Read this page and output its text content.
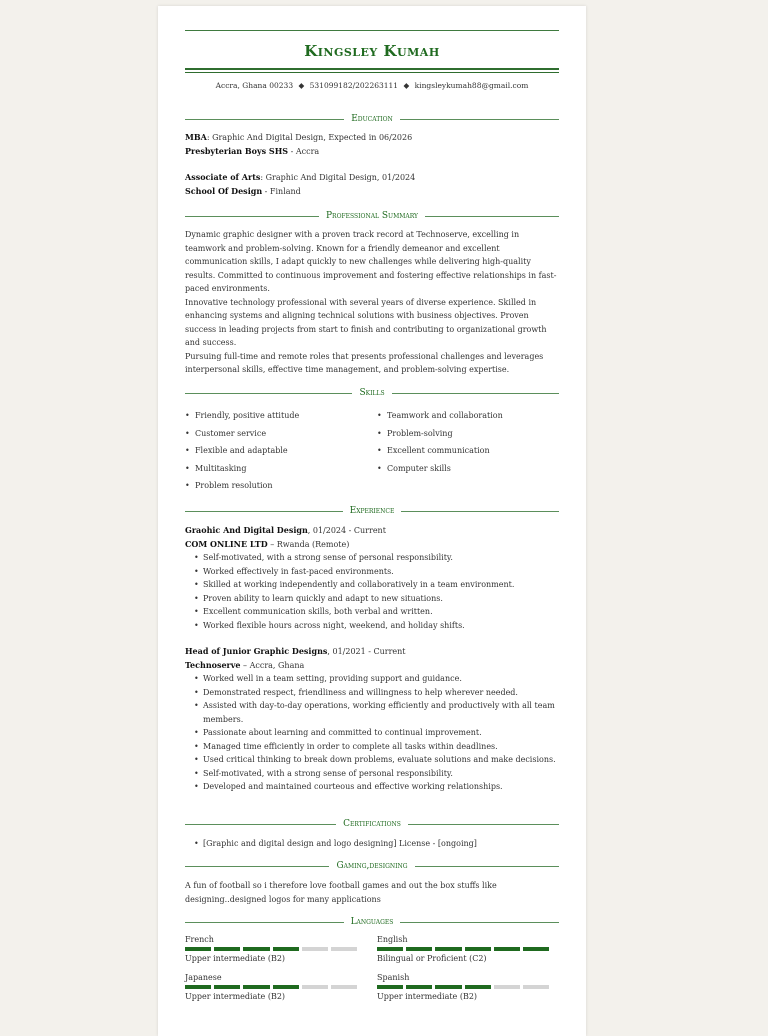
Kingsley Kumah
Accra, Ghana 00233 ◆ 531099182/202263111 ◆ kingsleykumah88@gmail.com
Education
MBA: Graphic And Digital Design, Expected in 06/2026
Presbyterian Boys SHS - Accra
Associate of Arts: Graphic And Digital Design, 01/2024
School Of Design - Finland
Professional Summary

Dynamic graphic designer with a proven track record at Technoserve, excelling in teamwork and problem-solving. Known for a friendly demeanor and excellent communication skills, I adapt quickly to new challenges while delivering high-quality results. Committed to continuous improvement and fostering effective relationships in fast-paced environments.

Innovative technology professional with several years of diverse experience. Skilled in enhancing systems and aligning technical solutions with business objectives. Proven success in leading projects from start to finish and contributing to organizational growth and success.

Pursuing full-time and remote roles that presents professional challenges and leverages interpersonal skills, effective time management, and problem-solving expertise.

Skills
• Friendly, positive attitude
• Customer service
• Flexible and adaptable
• Multitasking
• Problem resolution
• Teamwork and collaboration
• Problem-solving
• Excellent communication
• Computer skills
Experience
Graohic And Digital Design, 01/2024 - Current
COM ONLINE LTD – Rwanda (Remote)
• Self-motivated, with a strong sense of personal responsibility.
• Worked effectively in fast-paced environments.
• Skilled at working independently and collaboratively in a team environment.
• Proven ability to learn quickly and adapt to new situations.
• Excellent communication skills, both verbal and written.
• Worked flexible hours across night, weekend, and holiday shifts.
Head of Junior Graphic Designs, 01/2021 - Current
Technoserve – Accra, Ghana
• Worked well in a team setting, providing support and guidance.
• Demonstrated respect, friendliness and willingness to help wherever needed.
• Assisted with day-to-day operations, working efficiently and productively with all team members.
• Passionate about learning and committed to continual improvement.
• Managed time efficiently in order to complete all tasks within deadlines.
• Used critical thinking to break down problems, evaluate solutions and make decisions.
• Self-motivated, with a strong sense of personal responsibility.
• Developed and maintained courteous and effective working relationships.
Certifications
• [Graphic and digital design and logo designing] License - [ongoing]
Gaming,designing
A fun of football so i therefore love football games and out the box stuffs like designing..designed logos for many applications
Languages
French
Upper intermediate (B2)
English
Bilingual or Proficient (C2)
Japanese
Upper intermediate (B2)
Spanish
Upper intermediate (B2)
